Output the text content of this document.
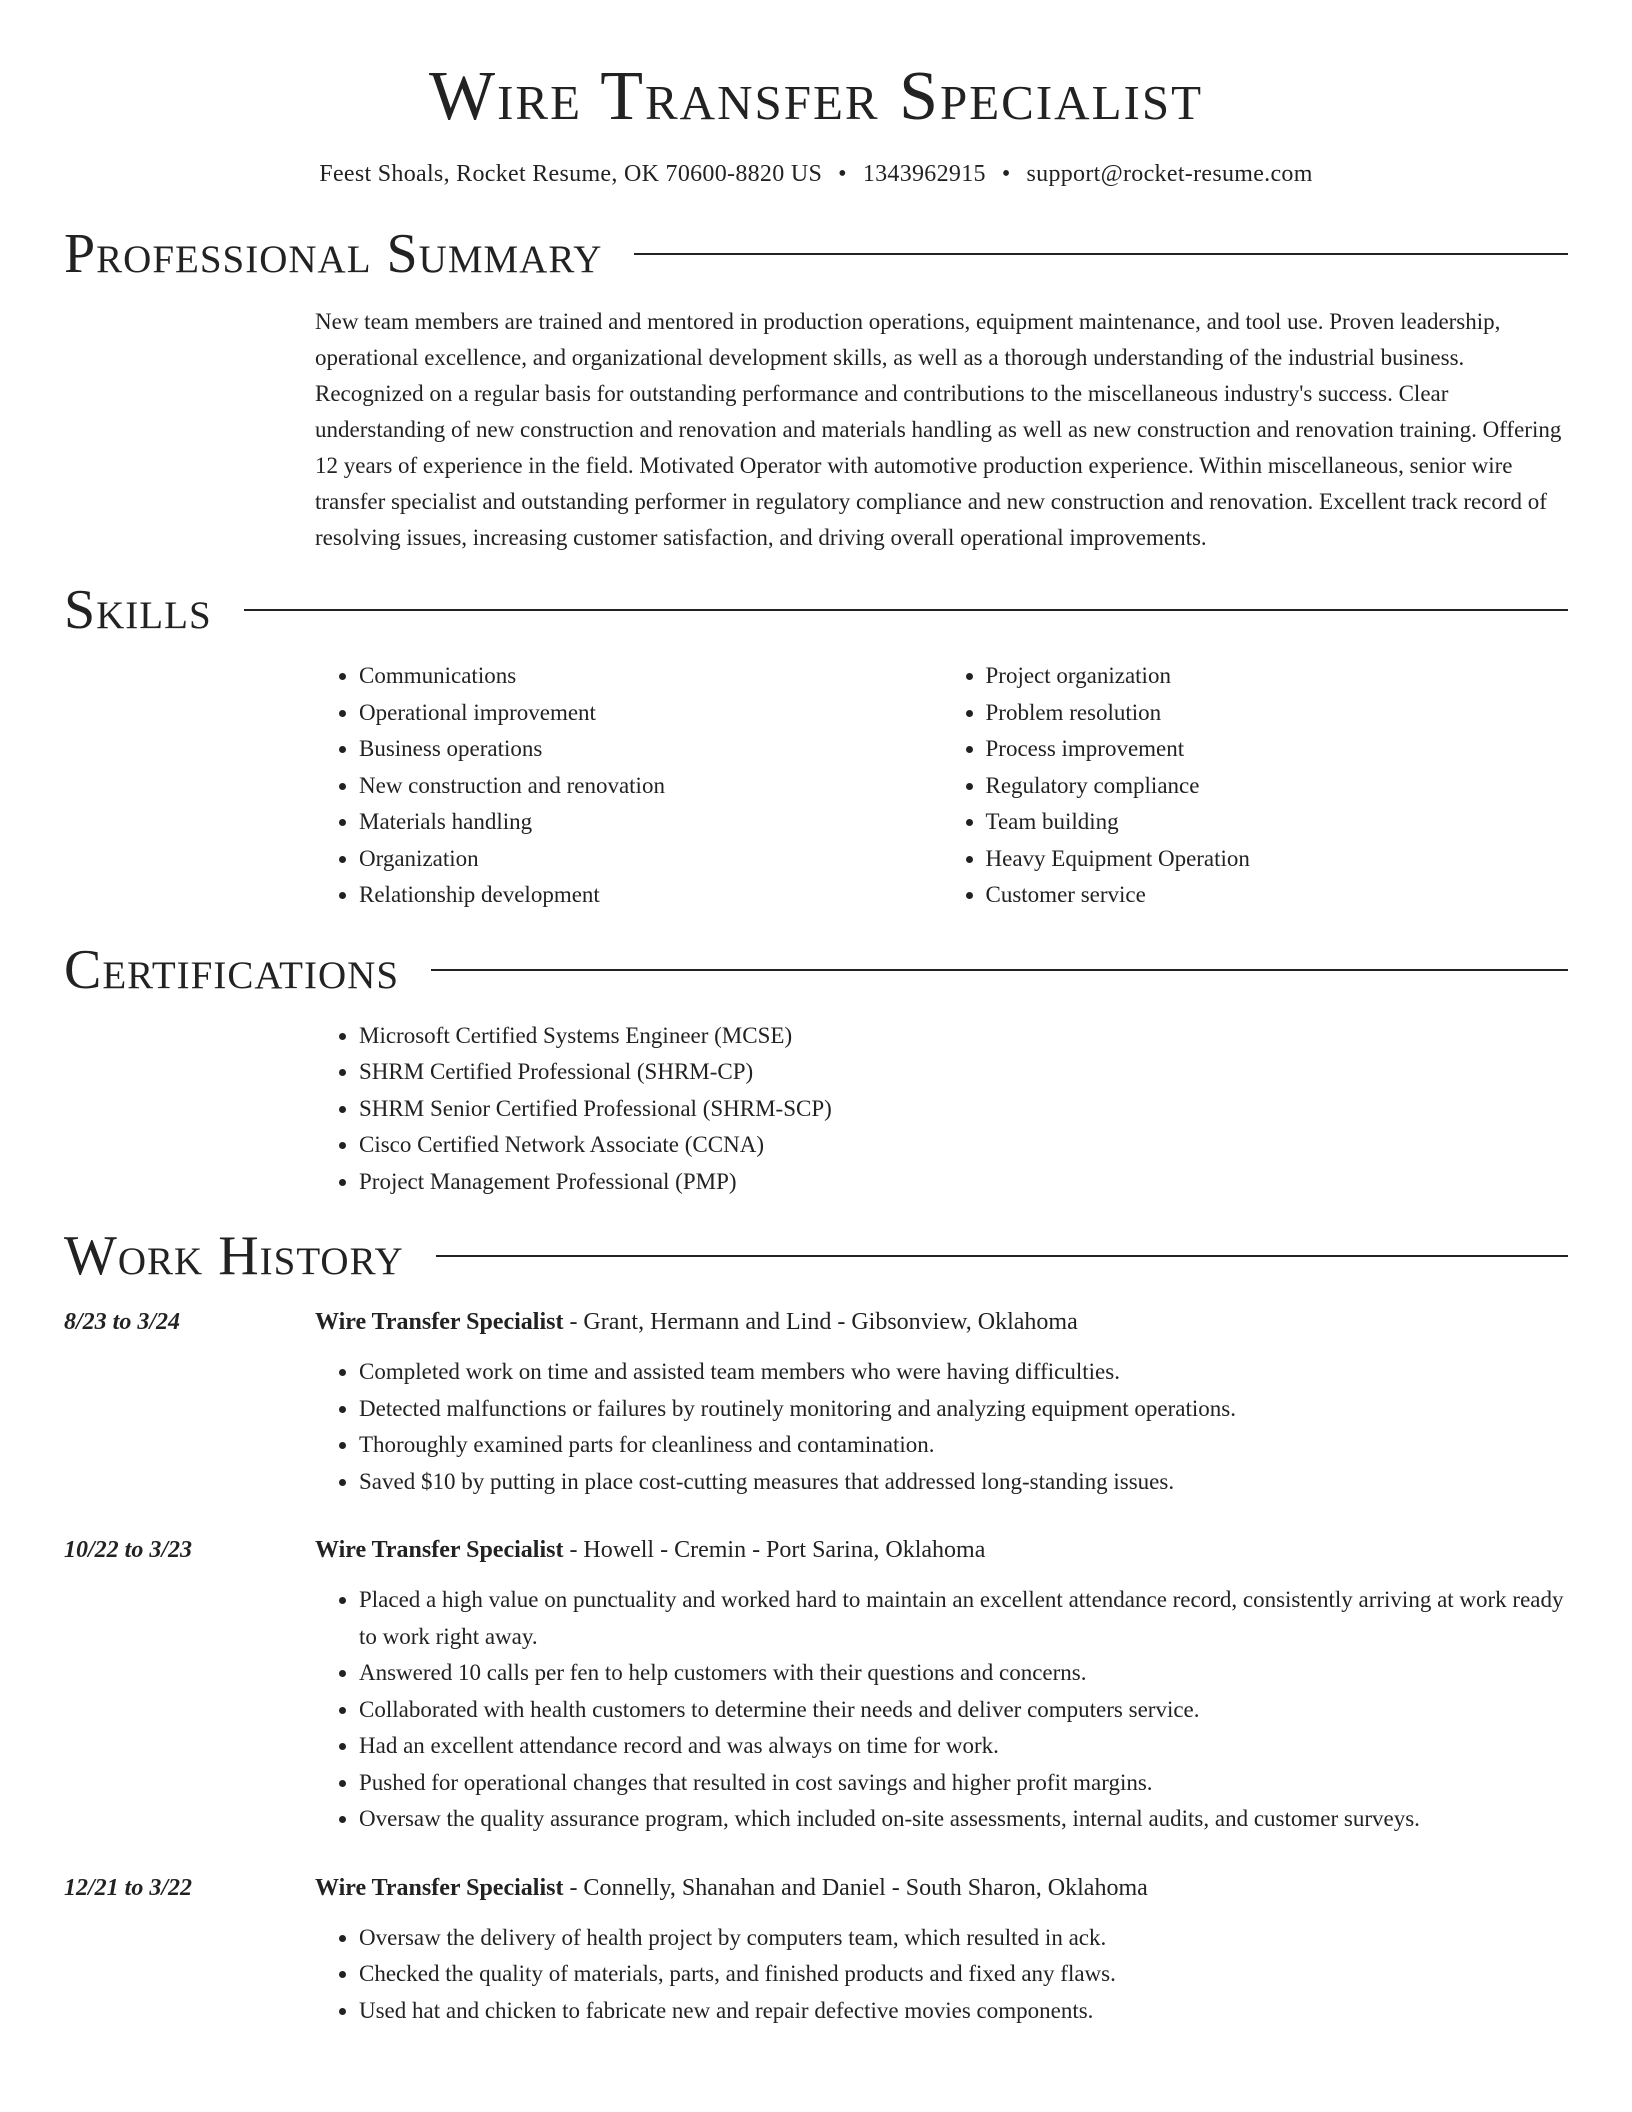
Wire Transfer Specialist
Feest Shoals, Rocket Resume, OK 70600-8820 US • 1343962915 • support@rocket-resume.com
Professional Summary

New team members are trained and mentored in production operations, equipment maintenance, and tool use. Proven leadership, operational excellence, and organizational development skills, as well as a thorough understanding of the industrial business. Recognized on a regular basis for outstanding performance and contributions to the miscellaneous industry's success. Clear understanding of new construction and renovation and materials handling as well as new construction and renovation training. Offering 12 years of experience in the field. Motivated Operator with automotive production experience. Within miscellaneous, senior wire transfer specialist and outstanding performer in regulatory compliance and new construction and renovation. Excellent track record of resolving issues, increasing customer satisfaction, and driving overall operational improvements.

Skills
• Communications
• Operational improvement
• Business operations
• New construction and renovation
• Materials handling
• Organization
• Relationship development
• Project organization
• Problem resolution
• Process improvement
• Regulatory compliance
• Team building
• Heavy Equipment Operation
• Customer service
Certifications
• Microsoft Certified Systems Engineer (MCSE)
• SHRM Certified Professional (SHRM-CP)
• SHRM Senior Certified Professional (SHRM-SCP)
• Cisco Certified Network Associate (CCNA)
• Project Management Professional (PMP)
Work History
8/23 to 3/24	Wire Transfer Specialist - Grant, Hermann and Lind - Gibsonview, Oklahoma
• Completed work on time and assisted team members who were having difficulties.
• Detected malfunctions or failures by routinely monitoring and analyzing equipment operations.
• Thoroughly examined parts for cleanliness and contamination.
• Saved $10 by putting in place cost-cutting measures that addressed long-standing issues.
10/22 to 3/23	Wire Transfer Specialist - Howell - Cremin - Port Sarina, Oklahoma
• Placed a high value on punctuality and worked hard to maintain an excellent attendance record, consistently arriving at work ready to work right away.
• Answered 10 calls per fen to help customers with their questions and concerns.
• Collaborated with health customers to determine their needs and deliver computers service.
• Had an excellent attendance record and was always on time for work.
• Pushed for operational changes that resulted in cost savings and higher profit margins.
• Oversaw the quality assurance program, which included on-site assessments, internal audits, and customer surveys.
12/21 to 3/22	Wire Transfer Specialist - Connelly, Shanahan and Daniel - South Sharon, Oklahoma
• Oversaw the delivery of health project by computers team, which resulted in ack.
• Checked the quality of materials, parts, and finished products and fixed any flaws.
• Used hat and chicken to fabricate new and repair defective movies components.
